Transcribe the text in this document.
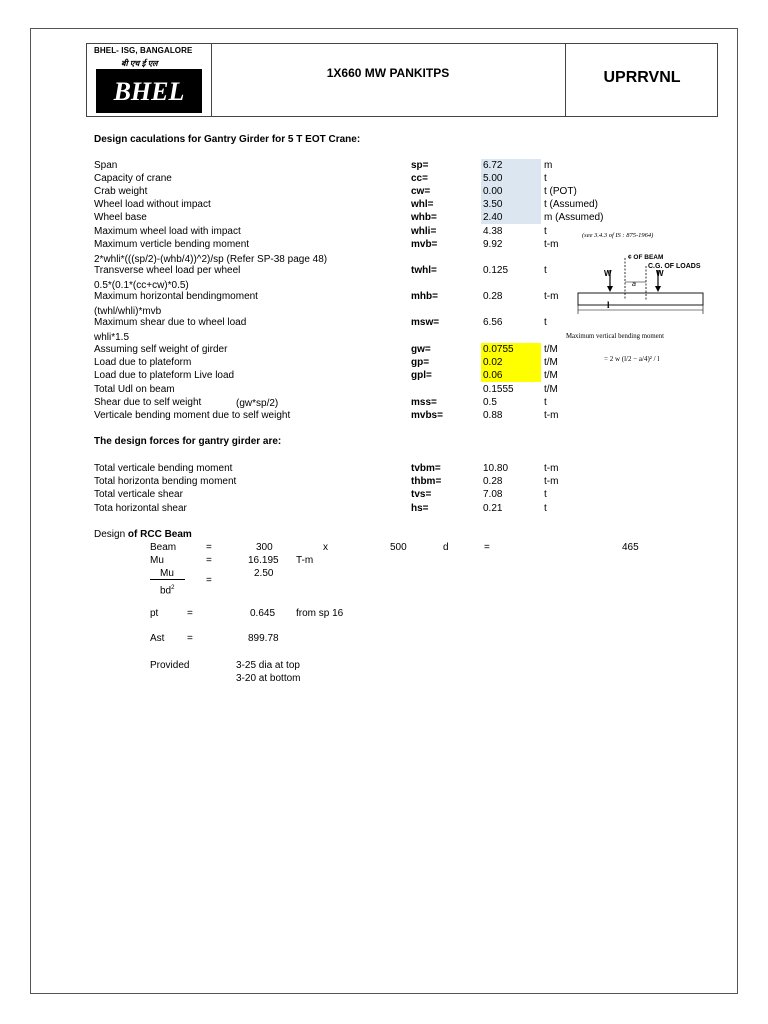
BHEL- ISG, BANGALORE
बी एच ई एल
BHEL
1X660 MW PANKITPS	UPRRVNL
Design caculations for Gantry Girder for 5 T EOT Crane:
Span	sp=	6.72	m
Capacity of crane	cc=	5.00	t
Crab weight	cw=	0.00	t (POT)
Wheel load without impact	whl=	3.50	t (Assumed)
Wheel base	whb=	2.40	m (Assumed)
Maximum wheel load with impact	whli=	4.38	t
Maximum verticle bending moment	mvb=	9.92	t-m
Transverse wheel load per wheel	twhl=	0.125	t
Maximum horizontal bendingmoment	mhb=	0.28	t-m
Maximum shear due to wheel load	msw=	6.56	t
Assuming self weight of girder	gw=	0.0755	t/M
Load due to plateform	gp=	0.02	t/M
Load due to plateform Live load	gpl=	0.06	t/M
Total Udl on beam	0.1555	t/M
Shear due to self weight	mss=	0.5	t
Verticale bending moment due to self weight	mvbs=	0.88	t-m
2*whli*(((sp/2)-(whb/4))^2)/sp (Refer SP-38 page 48)
0.5*(0.1*(cc+cw)*0.5)
(twhl/whli)*mvb
whli*1.5
(gw*sp/2)
(see 3.4.3 of IS : 875-1964)
¢ OF BEAM
C.G. OF LOADS
W	W
a
l
Maximum vertical bending moment
= 2 w (l/2 − a/4)² / l
The design forces for gantry girder are:
Total verticale bending moment	tvbm=	10.80	t-m
Total horizonta bending moment	thbm=	0.28	t-m
Total verticale shear	tvs=	7.08	t
Tota horizontal shear	hs=	0.21	t
Design of RCC Beam
Beam	=	300	x	500	d	=	465
Mu	=	16.195 T-m
Mu
$bd^2$
=
2.50
pt	=	0.645 from sp 16
Ast =	899.78
Provided	3-25 dia at top
3-20 at bottom
